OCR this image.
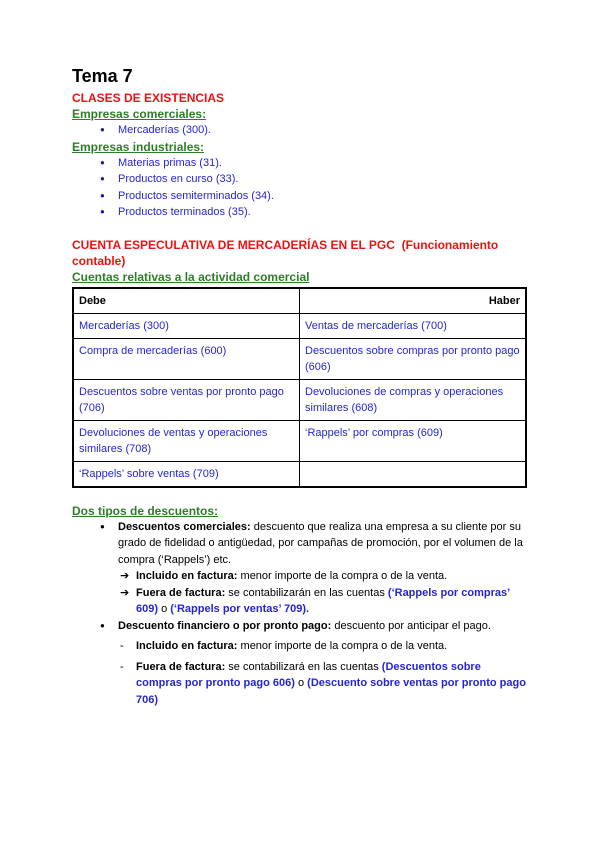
Tema 7
CLASES DE EXISTENCIAS
Empresas comerciales:
●	Mercaderías (300).
Empresas industriales:
●	Materias primas (31).
●	Productos en curso (33).
●	Productos semiterminados (34).
●	Productos terminados (35).
CUENTA ESPECULATIVA DE MERCADERÍAS EN EL PGC  (Funcionamiento
contable)
Cuentas relativas a la actividad comercial
Debe	Haber
Mercaderías (300)	Ventas de mercaderías (700)
Compra de mercaderías (600)	Descuentos sobre compras por pronto pago (606)
Descuentos sobre ventas por pronto pago (706)	Devoluciones de compras y operaciones similares (608)
Devoluciones de ventas y operaciones similares (708)	‘Rappels’ por compras (609)
‘Rappels’ sobre ventas (709)	
Dos tipos de descuentos:
●	Descuentos comerciales: descuento que realiza una empresa a su cliente por su grado de fidelidad o antigüedad, por campañas de promoción, por el volumen de la compra (‘Rappels’) etc.
➔ Incluido en factura: menor importe de la compra o de la venta.
➔ Fuera de factura: se contabilizarán en las cuentas (‘Rappels por compras’ 609) o (‘Rappels por ventas’ 709).
●	Descuento financiero o por pronto pago: descuento por anticipar el pago.
-	Incluido en factura: menor importe de la compra o de la venta.
-	Fuera de factura: se contabilizará en las cuentas (Descuentos sobre compras por pronto pago 606) o (Descuento sobre ventas por pronto pago 706)
